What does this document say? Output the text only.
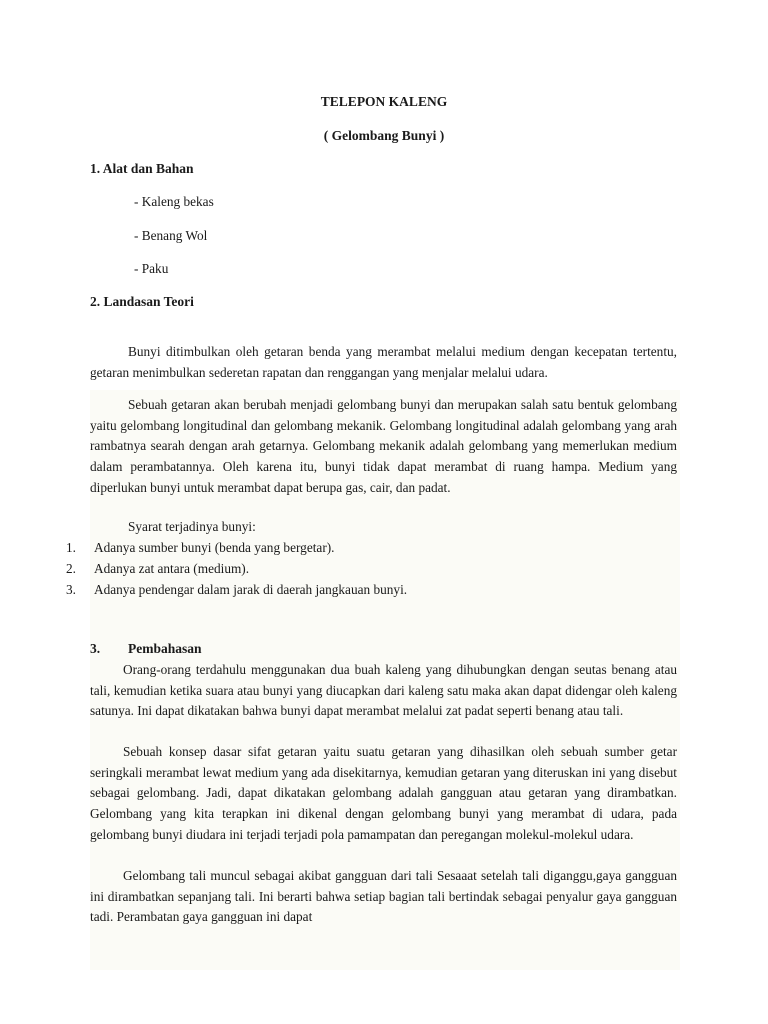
TELEPON KALENG
( Gelombang Bunyi )
1. Alat dan Bahan
- Kaleng bekas
- Benang Wol
- Paku
2. Landasan Teori

Bunyi ditimbulkan oleh getaran benda yang merambat melalui medium dengan kecepatan tertentu, getaran menimbulkan sederetan rapatan dan renggangan yang menjalar melalui udara.

Sebuah getaran akan berubah menjadi gelombang bunyi dan merupakan salah satu bentuk gelombang yaitu gelombang longitudinal dan gelombang mekanik. Gelombang longitudinal adalah gelombang yang arah rambatnya searah dengan arah getarnya. Gelombang mekanik adalah gelombang yang memerlukan medium dalam perambatannya. Oleh karena itu, bunyi tidak dapat merambat di ruang hampa. Medium yang diperlukan bunyi untuk merambat dapat berupa gas, cair, dan padat.

Syarat terjadinya bunyi:
1. Adanya sumber bunyi (benda yang bergetar).
2. Adanya zat antara (medium).
3. Adanya pendengar dalam jarak di daerah jangkauan bunyi.
3. Pembahasan

Orang-orang terdahulu menggunakan dua buah kaleng yang dihubungkan dengan seutas benang atau tali, kemudian ketika suara atau bunyi yang diucapkan dari kaleng satu maka akan dapat didengar oleh kaleng satunya. Ini dapat dikatakan bahwa bunyi dapat merambat melalui zat padat seperti benang atau tali.

Sebuah konsep dasar sifat getaran yaitu suatu getaran yang dihasilkan oleh sebuah sumber getar seringkali merambat lewat medium yang ada disekitarnya, kemudian getaran yang diteruskan ini yang disebut sebagai gelombang. Jadi, dapat dikatakan gelombang adalah gangguan atau getaran yang dirambatkan. Gelombang yang kita terapkan ini dikenal dengan gelombang bunyi yang merambat di udara, pada gelombang bunyi diudara ini terjadi terjadi pola pamampatan dan peregangan molekul-molekul udara.

Gelombang tali muncul sebagai akibat gangguan dari tali Sesaaat setelah tali diganggu,gaya gangguan ini dirambatkan sepanjang tali. Ini berarti bahwa setiap bagian tali bertindak sebagai penyalur gaya gangguan tadi. Perambatan gaya gangguan ini dapat
